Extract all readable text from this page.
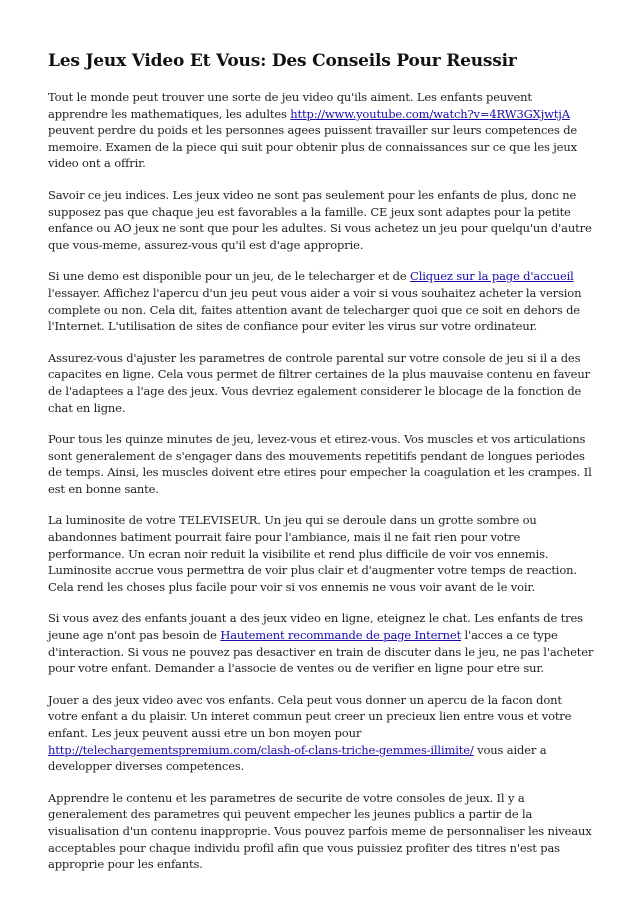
Les Jeux Video Et Vous: Des Conseils Pour Reussir

Tout le monde peut trouver une sorte de jeu video qu'ils aiment. Les enfants peuvent apprendre les mathematiques, les adultes http://www.youtube.com/watch?v=4RW3GXjwtjA peuvent perdre du poids et les personnes agees puissent travailler sur leurs competences de memoire. Examen de la piece qui suit pour obtenir plus de connaissances sur ce que les jeux video ont a offrir.

Savoir ce jeu indices. Les jeux video ne sont pas seulement pour les enfants de plus, donc ne supposez pas que chaque jeu est favorables a la famille. CE jeux sont adaptes pour la petite enfance ou AO jeux ne sont que pour les adultes. Si vous achetez un jeu pour quelqu'un d'autre que vous-meme, assurez-vous qu'il est d'age approprie.

Si une demo est disponible pour un jeu, de le telecharger et de Cliquez sur la page d'accueil l'essayer. Affichez l'apercu d'un jeu peut vous aider a voir si vous souhaitez acheter la version complete ou non. Cela dit, faites attention avant de telecharger quoi que ce soit en dehors de l'Internet. L'utilisation de sites de confiance pour eviter les virus sur votre ordinateur.

Assurez-vous d'ajuster les parametres de controle parental sur votre console de jeu si il a des capacites en ligne. Cela vous permet de filtrer certaines de la plus mauvaise contenu en faveur de l'adaptees a l'age des jeux. Vous devriez egalement considerer le blocage de la fonction de chat en ligne.

Pour tous les quinze minutes de jeu, levez-vous et etirez-vous. Vos muscles et vos articulations sont generalement de s'engager dans des mouvements repetitifs pendant de longues periodes de temps. Ainsi, les muscles doivent etre etires pour empecher la coagulation et les crampes. Il est en bonne sante.

La luminosite de votre TELEVISEUR. Un jeu qui se deroule dans un grotte sombre ou abandonnes batiment pourrait faire pour l'ambiance, mais il ne fait rien pour votre performance. Un ecran noir reduit la visibilite et rend plus difficile de voir vos ennemis. Luminosite accrue vous permettra de voir plus clair et d'augmenter votre temps de reaction. Cela rend les choses plus facile pour voir si vos ennemis ne vous voir avant de le voir.

Si vous avez des enfants jouant a des jeux video en ligne, eteignez le chat. Les enfants de tres jeune age n'ont pas besoin de Hautement recommande de page Internet l'acces a ce type d'interaction. Si vous ne pouvez pas desactiver en train de discuter dans le jeu, ne pas l'acheter pour votre enfant. Demander a l'associe de ventes ou de verifier en ligne pour etre sur.

Jouer a des jeux video avec vos enfants. Cela peut vous donner un apercu de la facon dont votre enfant a du plaisir. Un interet commun peut creer un precieux lien entre vous et votre enfant. Les jeux peuvent aussi etre un bon moyen pour http://telechargementspremium.com/clash-of-clans-triche-gemmes-illimite/ vous aider a developper diverses competences.

Apprendre le contenu et les parametres de securite de votre consoles de jeux. Il y a generalement des parametres qui peuvent empecher les jeunes publics a partir de la visualisation d'un contenu inapproprie. Vous pouvez parfois meme de personnaliser les niveaux acceptables pour chaque individu profil afin que vous puissiez profiter des titres n'est pas approprie pour les enfants.
